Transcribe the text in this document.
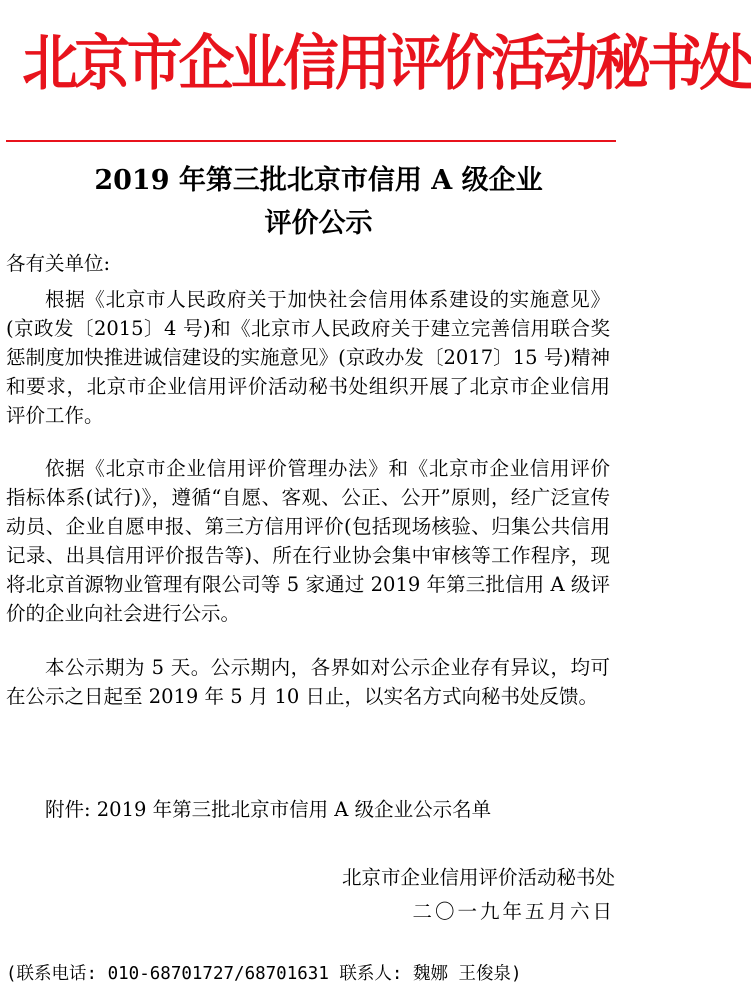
北京市企业信用评价活动秘书处
2019 年第三批北京市信用 A 级企业
评价公示

各有关单位:

根据《北京市人民政府关于加快社会信用体系建设的实施意见》(京政发〔2015〕4 号)和《北京市人民政府关于建立完善信用联合奖惩制度加快推进诚信建设的实施意见》(京政办发〔2017〕15 号)精神和要求，北京市企业信用评价活动秘书处组织开展了北京市企业信用评价工作。

依据《北京市企业信用评价管理办法》和《北京市企业信用评价指标体系(试行)》，遵循“自愿、客观、公正、公开”原则，经广泛宣传动员、企业自愿申报、第三方信用评价(包括现场核验、归集公共信用记录、出具信用评价报告等)、所在行业协会集中审核等工作程序，现将北京首源物业管理有限公司等 5 家通过 2019 年第三批信用 A 级评价的企业向社会进行公示。

本公示期为 5 天。公示期内，各界如对公示企业存有异议，均可在公示之日起至 2019 年 5 月 10 日止，以实名方式向秘书处反馈。

附件: 2019 年第三批北京市信用 A 级企业公示名单
北京市企业信用评价活动秘书处
二〇一九年五月六日
(联系电话: 010-68701727/68701631 联系人: 魏娜 王俊泉)
